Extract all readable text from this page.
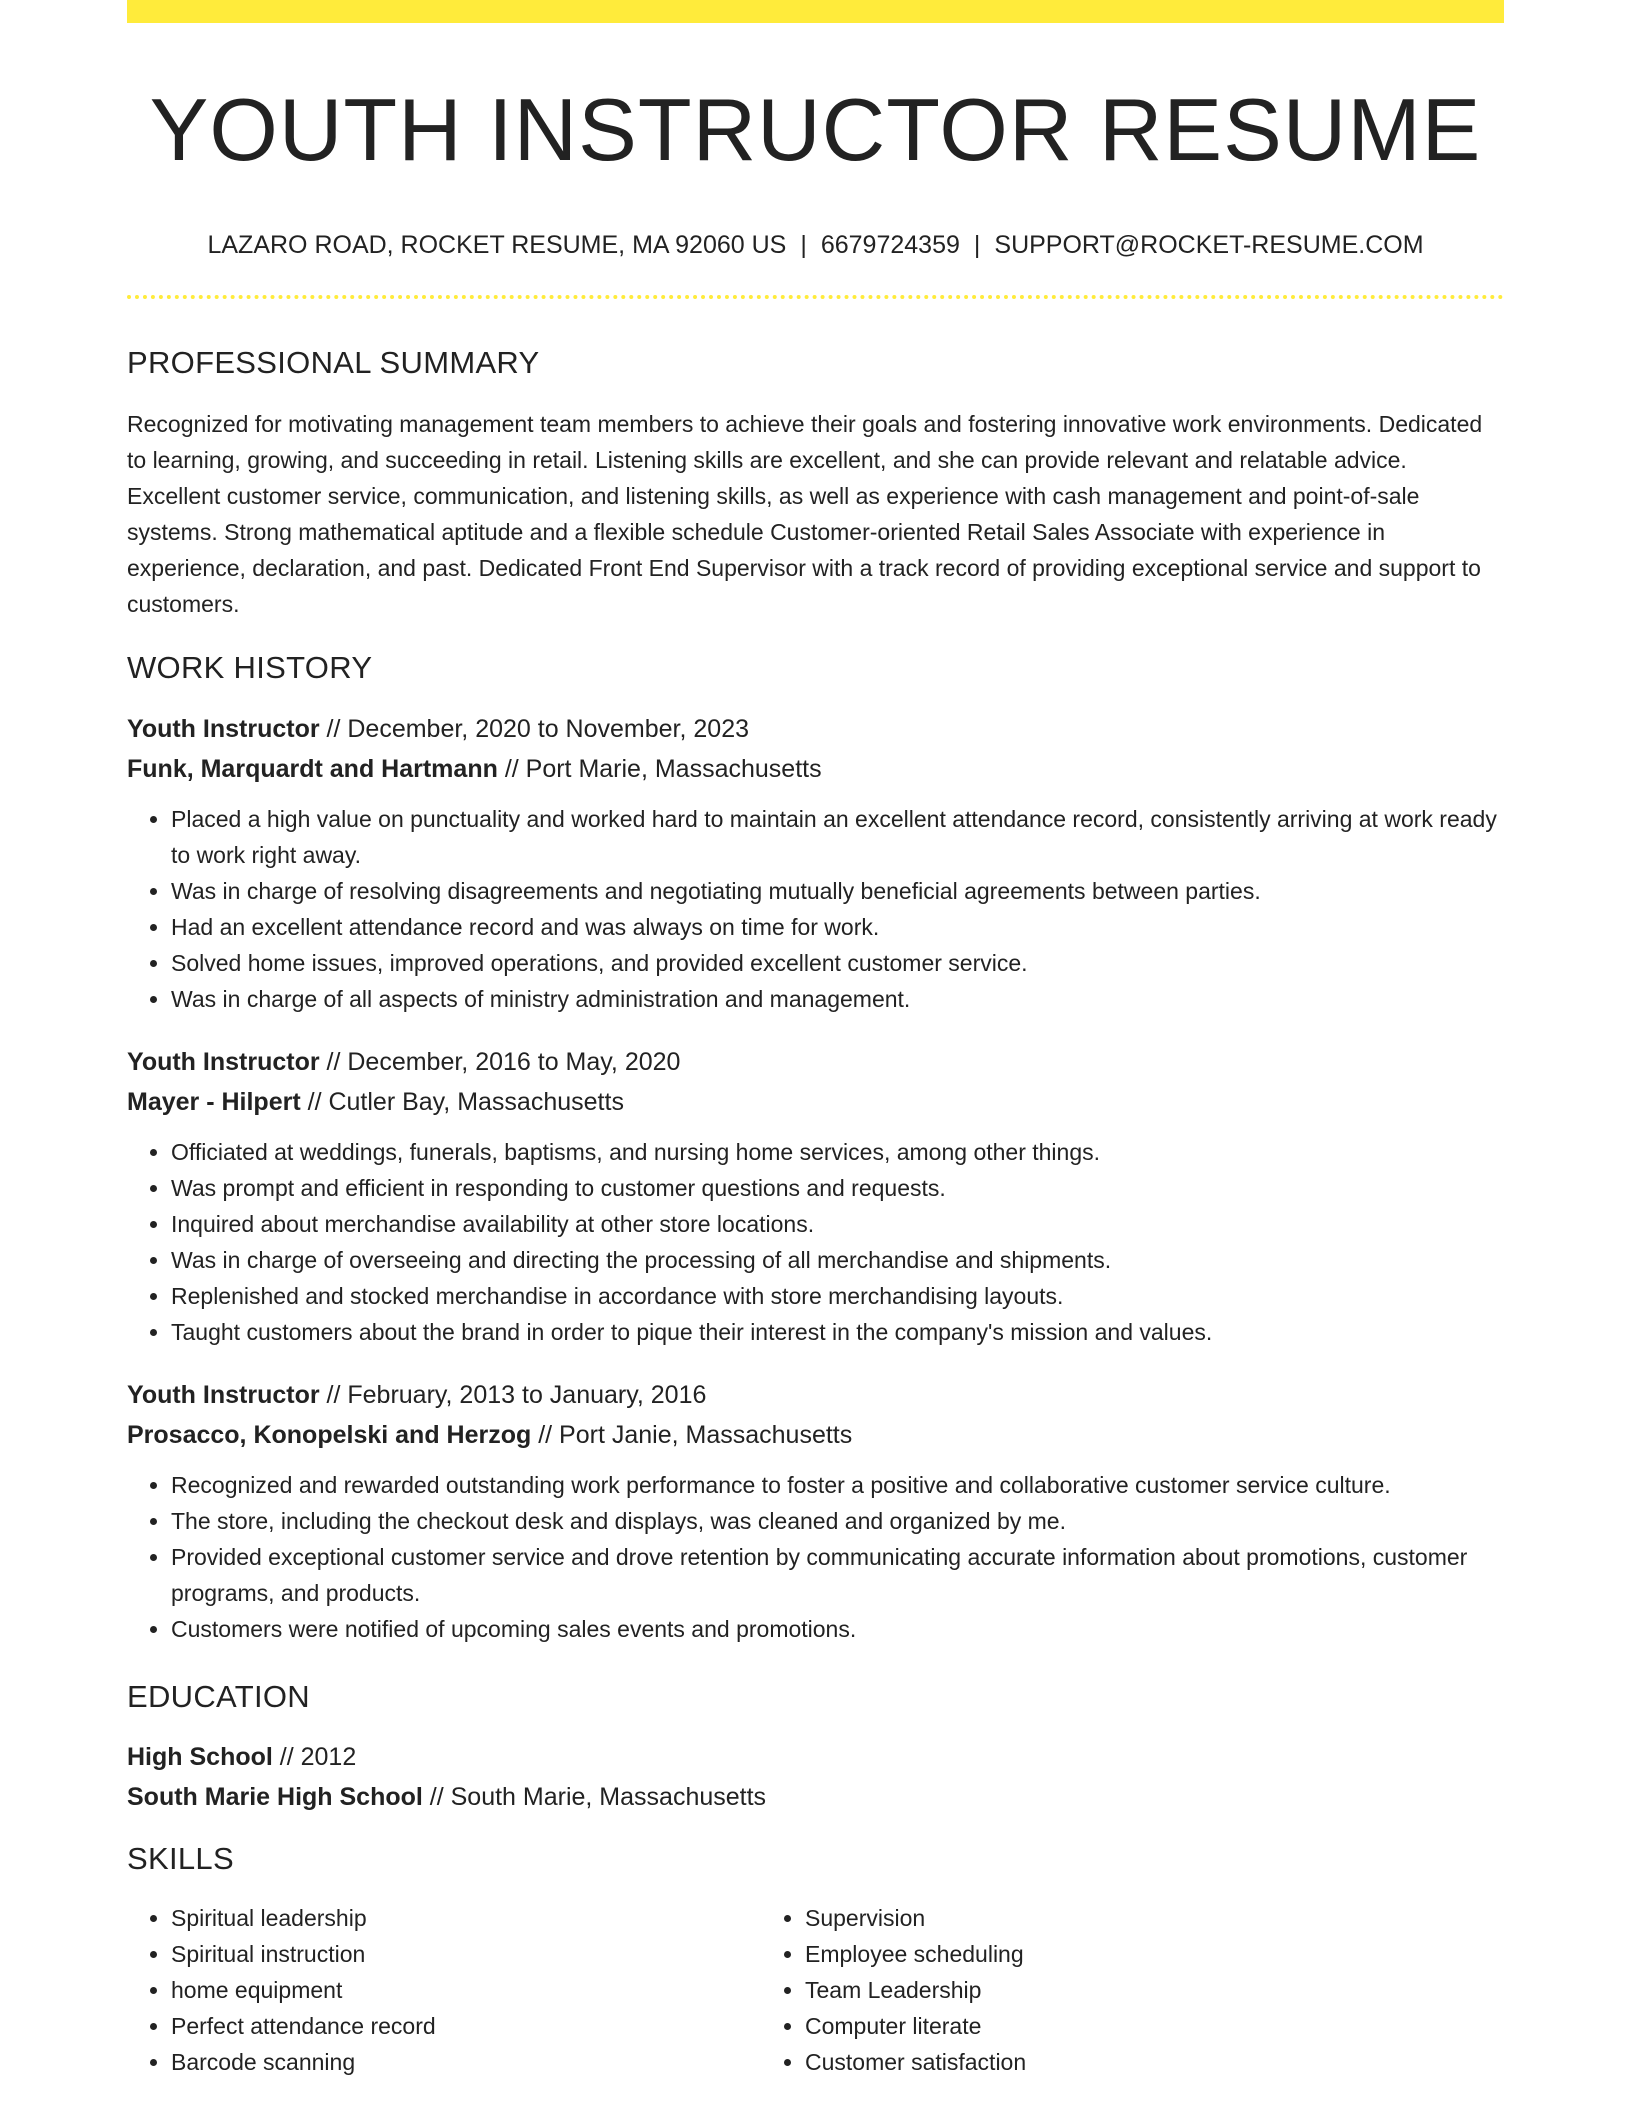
YOUTH INSTRUCTOR RESUME
LAZARO ROAD, ROCKET RESUME, MA 92060 US | 6679724359 | SUPPORT@ROCKET-RESUME.COM
PROFESSIONAL SUMMARY
Recognized for motivating management team members to achieve their goals and fostering innovative work environments. Dedicated to learning, growing, and succeeding in retail. Listening skills are excellent, and she can provide relevant and relatable advice. Excellent customer service, communication, and listening skills, as well as experience with cash management and point-of-sale systems. Strong mathematical aptitude and a flexible schedule Customer-oriented Retail Sales Associate with experience in experience, declaration, and past. Dedicated Front End Supervisor with a track record of providing exceptional service and support to customers.
WORK HISTORY
Youth Instructor // December, 2020 to November, 2023
Funk, Marquardt and Hartmann // Port Marie, Massachusetts
• Placed a high value on punctuality and worked hard to maintain an excellent attendance record, consistently arriving at work ready to work right away.
• Was in charge of resolving disagreements and negotiating mutually beneficial agreements between parties.
• Had an excellent attendance record and was always on time for work.
• Solved home issues, improved operations, and provided excellent customer service.
• Was in charge of all aspects of ministry administration and management.
Youth Instructor // December, 2016 to May, 2020
Mayer - Hilpert // Cutler Bay, Massachusetts
• Officiated at weddings, funerals, baptisms, and nursing home services, among other things.
• Was prompt and efficient in responding to customer questions and requests.
• Inquired about merchandise availability at other store locations.
• Was in charge of overseeing and directing the processing of all merchandise and shipments.
• Replenished and stocked merchandise in accordance with store merchandising layouts.
• Taught customers about the brand in order to pique their interest in the company's mission and values.
Youth Instructor // February, 2013 to January, 2016
Prosacco, Konopelski and Herzog // Port Janie, Massachusetts
• Recognized and rewarded outstanding work performance to foster a positive and collaborative customer service culture.
• The store, including the checkout desk and displays, was cleaned and organized by me.
• Provided exceptional customer service and drove retention by communicating accurate information about promotions, customer programs, and products.
• Customers were notified of upcoming sales events and promotions.
EDUCATION
High School // 2012
South Marie High School // South Marie, Massachusetts
SKILLS
• Spiritual leadership
• Spiritual instruction
• home equipment
• Perfect attendance record
• Barcode scanning
• Supervision
• Employee scheduling
• Team Leadership
• Computer literate
• Customer satisfaction
